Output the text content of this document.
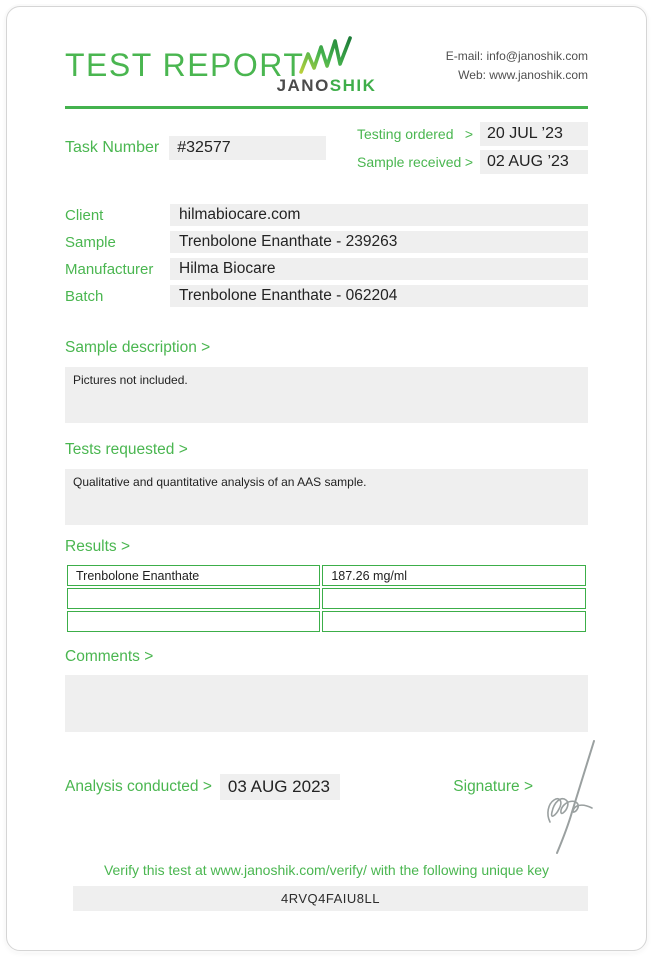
TEST REPORT
JANOSHIK
E-mail: info@janoshik.com
Web: www.janoshik.com
Task Number	#32577
Testing ordered > 20 JUL ’23
Sample received > 02 AUG ’23
Client	hilmabiocare.com
Sample	Trenbolone Enanthate - 239263
Manufacturer	Hilma Biocare
Batch	Trenbolone Enanthate - 062204
Sample description >
Pictures not included.
Tests requested >
Qualitative and quantitative analysis of an AAS sample.
Results >
Trenbolone Enanthate	187.26 mg/ml

Comments >
Analysis conducted > 03 AUG 2023	Signature >
Verify this test at www.janoshik.com/verify/ with the following unique key
4RVQ4FAIU8LL
